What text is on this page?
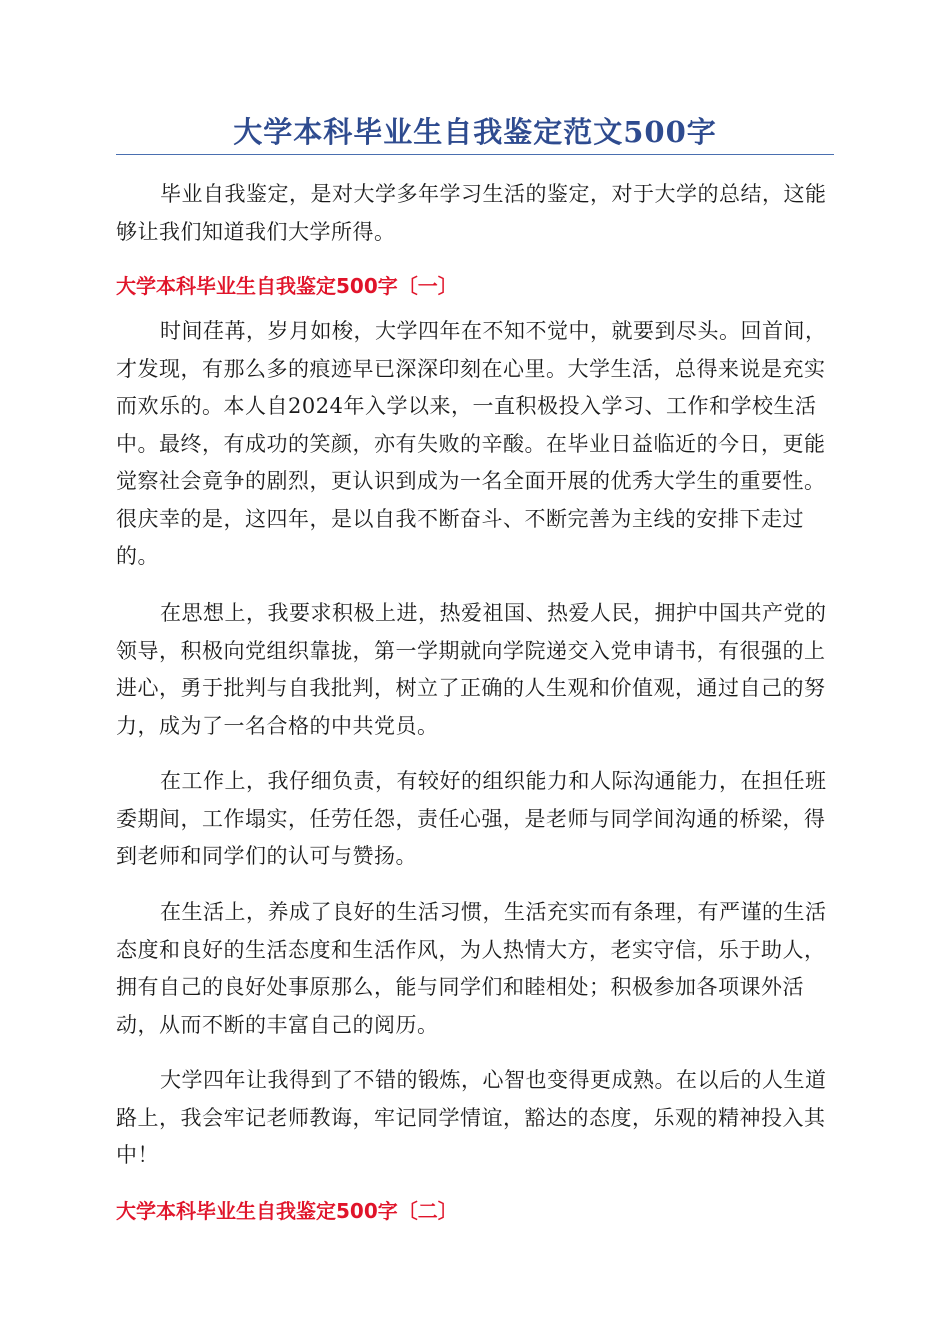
大学本科毕业生自我鉴定范文500字

毕业自我鉴定，是对大学多年学习生活的鉴定，对于大学的总结，这能够让我们知道我们大学所得。

大学本科毕业生自我鉴定500字〔一〕

时间荏苒，岁月如梭，大学四年在不知不觉中，就要到尽头。回首间，才发现，有那么多的痕迹早已深深印刻在心里。大学生活，总得来说是充实而欢乐的。本人自2024年入学以来，一直积极投入学习、工作和学校生活中。最终，有成功的笑颜，亦有失败的辛酸。在毕业日益临近的今日，更能觉察社会竟争的剧烈，更认识到成为一名全面开展的优秀大学生的重要性。很庆幸的是，这四年，是以自我不断奋斗、不断完善为主线的安排下走过的。

在思想上，我要求积极上进，热爱祖国、热爱人民，拥护中国共产党的领导，积极向党组织靠拢，第一学期就向学院递交入党申请书，有很强的上进心，勇于批判与自我批判，树立了正确的人生观和价值观，通过自己的努力，成为了一名合格的中共党员。

在工作上，我仔细负责，有较好的组织能力和人际沟通能力，在担任班委期间，工作塌实，任劳任怨，责任心强，是老师与同学间沟通的桥梁，得到老师和同学们的认可与赞扬。

在生活上，养成了良好的生活习惯，生活充实而有条理，有严谨的生活态度和良好的生活态度和生活作风，为人热情大方，老实守信，乐于助人，拥有自己的良好处事原那么，能与同学们和睦相处；积极参加各项课外活动，从而不断的丰富自己的阅历。

大学四年让我得到了不错的锻炼，心智也变得更成熟。在以后的人生道路上，我会牢记老师教诲，牢记同学情谊，豁达的态度，乐观的精神投入其中！

大学本科毕业生自我鉴定500字〔二〕
